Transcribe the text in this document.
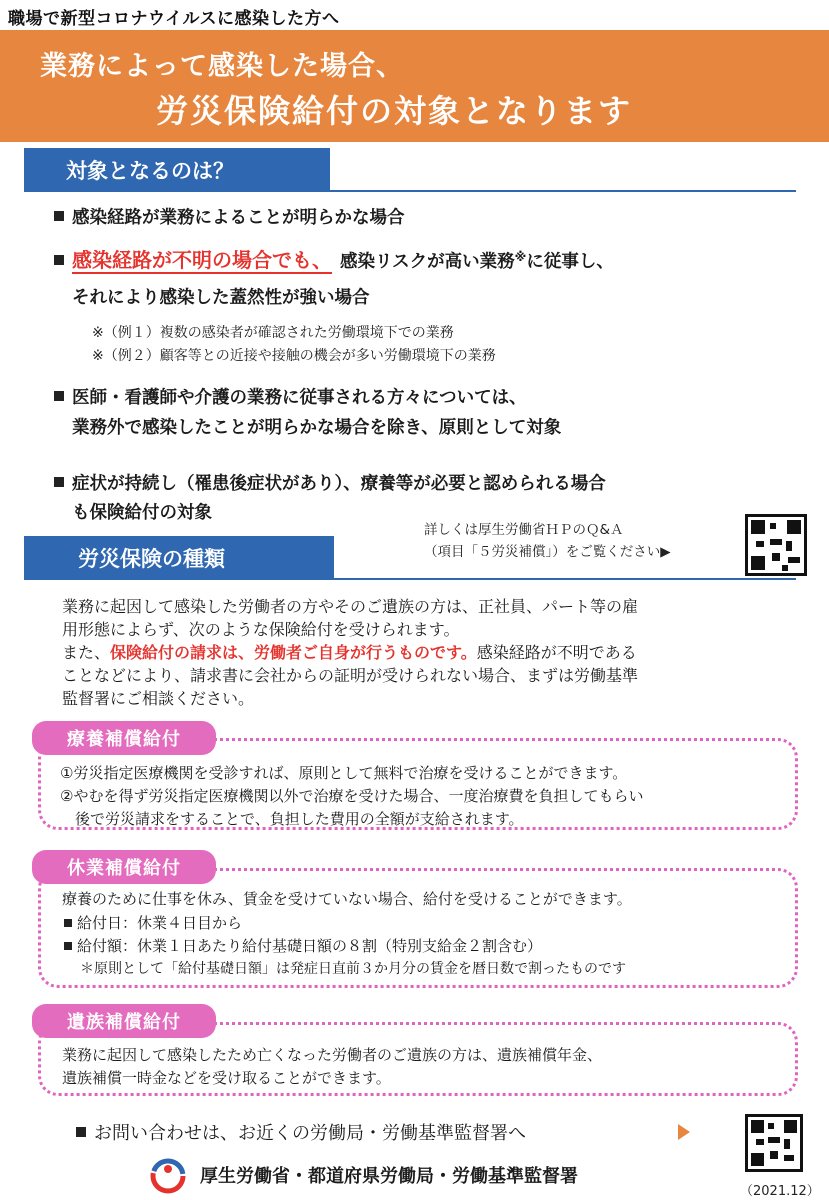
職場で新型コロナウイルスに感染した方へ
業務によって感染した場合、
労災保険給付の対象となります
対象となるのは？
感染経路が業務によることが明らかな場合
感染経路が不明の場合でも、 感染リスクが高い業務※に従事し、
それにより感染した蓋然性が強い場合
※（例１）複数の感染者が確認された労働環境下での業務
※（例２）顧客等との近接や接触の機会が多い労働環境下の業務
医師・看護師や介護の業務に従事される方々については、
業務外で感染したことが明らかな場合を除き、原則として対象
症状が持続し（罹患後症状があり）、療養等が必要と認められる場合
も保険給付の対象
詳しくは厚生労働省ＨＰのＱ&Ａ
（項目「５労災補償」）をご覧ください▶
労災保険の種類
業務に起因して感染した労働者の方やそのご遺族の方は、正社員、パート等の雇
用形態によらず、次のような保険給付を受けられます。
また、保険給付の請求は、労働者ご自身が行うものです。感染経路が不明である
ことなどにより、請求書に会社からの証明が受けられない場合、まずは労働基準
監督署にご相談ください。
療養補償給付
①労災指定医療機関を受診すれば、原則として無料で治療を受けることができます。
②やむを得ず労災指定医療機関以外で治療を受けた場合、一度治療費を負担してもらい
　後で労災請求をすることで、負担した費用の全額が支給されます。
休業補償給付
療養のために仕事を休み、賃金を受けていない場合、給付を受けることができます。
給付日：休業４日目から
給付額：休業１日あたり給付基礎日額の８割（特別支給金２割含む）
＊原則として「給付基礎日額」は発症日直前３か月分の賃金を暦日数で割ったものです
遺族補償給付
業務に起因して感染したため亡くなった労働者のご遺族の方は、遺族補償年金、
遺族補償一時金などを受け取ることができます。
お問い合わせは、お近くの労働局・労働基準監督署へ
厚生労働省・都道府県労働局・労働基準監督署
（2021.12）
